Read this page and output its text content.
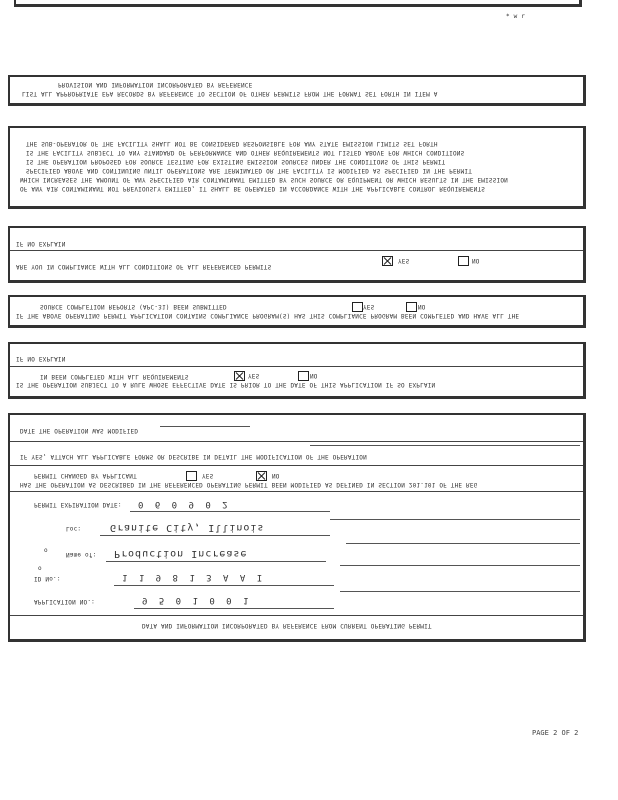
* w r
PROVISION AND INFORMATION INCORPORATED BY REFERENCE
LIST ALL APPROPRIATE EPA RECORDS BY REFERENCE TO SECTION OF OTHER PERMITS FROM THE FORMAT SET FORTH IN ITEM A
THE SUB-OPERATOR OF THE FACILITY SHALL NOT BE CONSIDERED RESPONSIBLE FOR ANY STATE EMISSION LIMITS SET FORTH
IS THE FACILITY SUBJECT TO ANY STANDARD OF PERFORMANCE AND OTHER REQUIREMENTS NOT LISTED ABOVE FOR WHICH CONDITIONS
IS THE OPERATION PROPOSED FOR SOURCE TESTING FOR EXISTING EMISSION SOURCES UNDER THE CONDITIONS OF THIS PERMIT
SPECIFIED ABOVE AND CONTINUING UNTIL OPERATIONS ARE TERMINATED OR THE FACILITY IS MODIFIED AS SPECIFIED IN THE PERMIT
WHICH INCREASES THE AMOUNT OF ANY SPECIFIED AIR CONTAMINANT EMITTED BY SUCH SOURCE OR EQUIPMENT OR WHICH RESULTS IN THE EMISSION
OF ANY AIR CONTAMINANT NOT PREVIOUSLY EMITTED, IT SHALL BE OPERATED IN ACCORDANCE WITH THE APPLICABLE CONTROL REQUIREMENTS
IF NO EXPLAIN
ARE YOU IN COMPLIANCE WITH ALL CONDITIONS OF ALL REFERENCED PERMITS
YES	NO
SOURCE COMPLETION REPORTS (APC-31) BEEN SUBMITTED	YES	NO
IF THE ABOVE OPERATING PERMIT APPLICATION CONTAINS COMPLIANCE PROGRAM(S) HAS THIS COMPLIANCE PROGRAM BEEN COMPLETED AND HAVE ALL THE
IF NO EXPLAIN
IN BEEN COMPLETED WITH ALL REQUIREMENTS	YES	NO
IS THE OPERATION SUBJECT TO A RULE WHOSE EFFECTIVE DATE IS PRIOR TO THE DATE OF THIS APPLICATION IF SO EXPLAIN
DATE THE OPERATION WAS MODIFIED
IF YES, ATTACH ALL APPLICABLE FORMS OR DESCRIBE IN DETAIL THE MODIFICATION OF THE OPERATION
PERMIT CHANGED BY APPLICANT	YES	NO
HAS THE OPERATION AS DESCRIBED IN THE REFERENCED OPERATING PERMIT BEEN MODIFIED AS DEFINED IN SECTION 201.101 OF THE REG
PERMIT EXPIRATION DATE: 0 6 0 9 0 2
Loc:	Granite City, Illinois
o
Name of: Production Increase
o
ID No.:	1 1 9 8 1 3 A A I
APPLICATION NO.:	9 5 0 1 0 0 1
DATA AND INFORMATION INCORPORATED BY REFERENCE FROM CURRENT OPERATING PERMIT
PAGE 2 OF 2
